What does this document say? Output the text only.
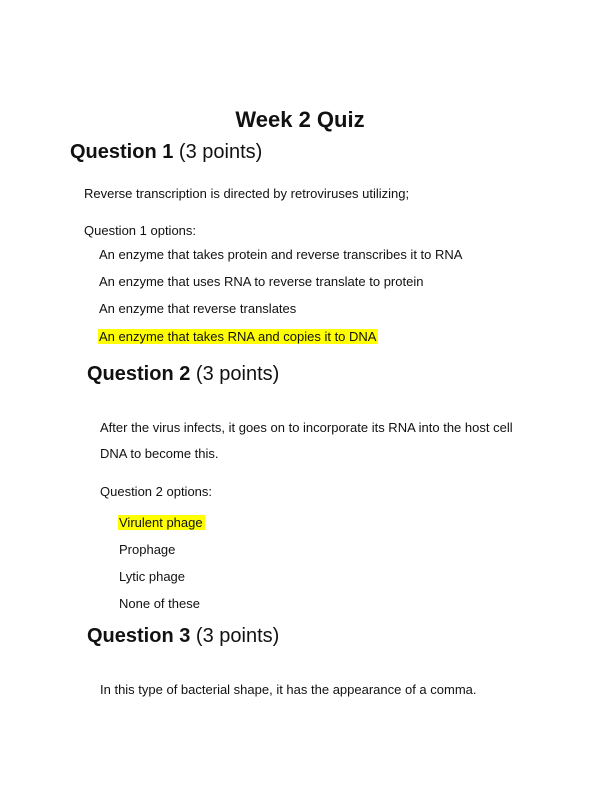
Week 2 Quiz
Question 1 (3 points)
Reverse transcription is directed by retroviruses utilizing;
Question 1 options:
An enzyme that takes protein and reverse transcribes it to RNA
An enzyme that uses RNA to reverse translate to protein
An enzyme that reverse translates
An enzyme that takes RNA and copies it to DNA
Question 2 (3 points)
After the virus infects, it goes on to incorporate its RNA into the host cell DNA to become this.
Question 2 options:
Virulent phage
Prophage
Lytic phage
None of these
Question 3 (3 points)
In this type of bacterial shape, it has the appearance of a comma.
